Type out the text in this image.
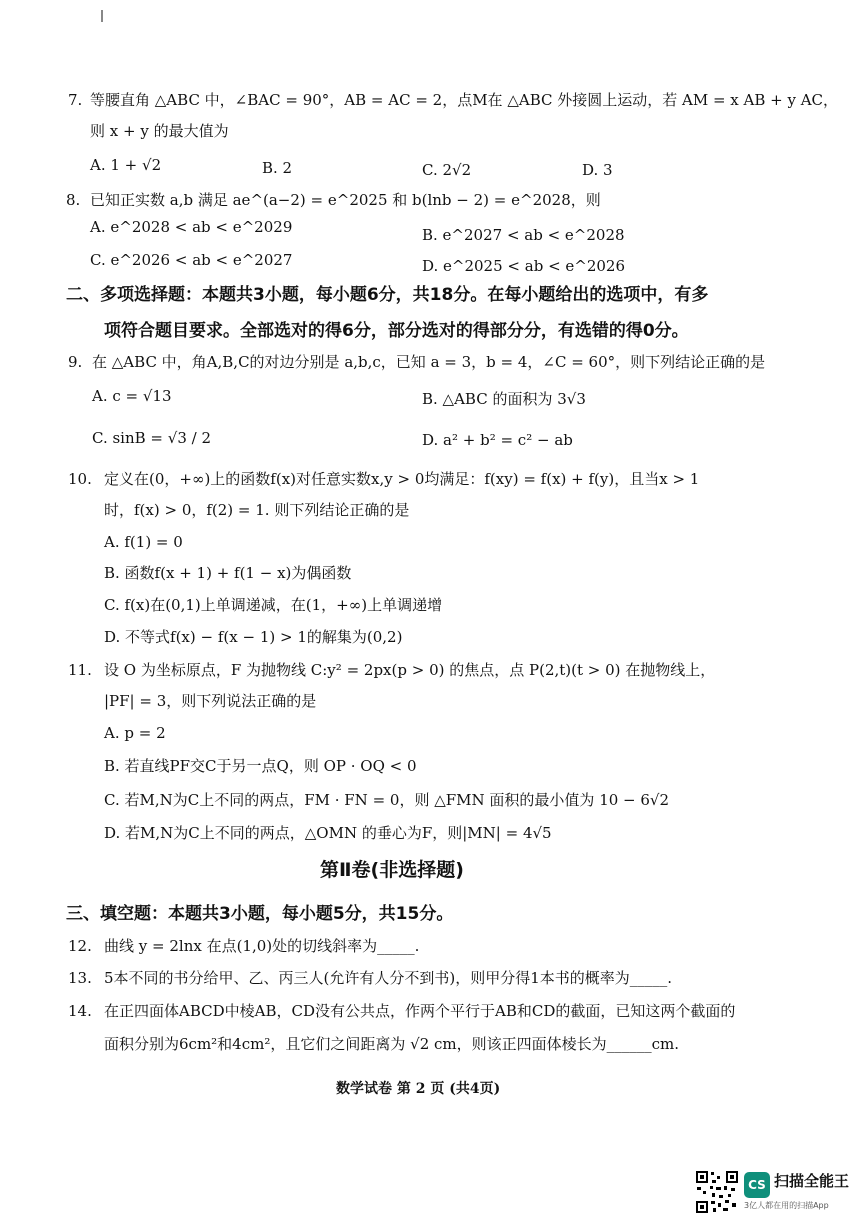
7. 等腰直角 △ABC 中，∠BAC = 90°，AB = AC = 2，点M在 △ABC 外接圆上运动，若 AM = x AB + y AC，
则 x + y 的最大值为
A. 1 + √2	B. 2	C. 2√2	D. 3
8. 已知正实数 a,b 满足 ae^(a−2) = e^2025 和 b(lnb − 2) = e^2028，则
A. e^2028 < ab < e^2029	B. e^2027 < ab < e^2028
C. e^2026 < ab < e^2027	D. e^2025 < ab < e^2026
二、多项选择题：本题共3小题，每小题6分，共18分。在每小题给出的选项中，有多
项符合题目要求。全部选对的得6分，部分选对的得部分分，有选错的得0分。
9. 在 △ABC 中，角A,B,C的对边分别是 a,b,c，已知 a = 3，b = 4，∠C = 60°，则下列结论正确的是
A. c = √13	B. △ABC 的面积为 3√3
C. sinB = √3 / 2	D. a² + b² = c² − ab
10. 定义在(0，+∞)上的函数f(x)对任意实数x,y > 0均满足：f(xy) = f(x) + f(y)，且当x > 1
时，f(x) > 0，f(2) = 1. 则下列结论正确的是
A. f(1) = 0
B. 函数f(x + 1) + f(1 − x)为偶函数
C. f(x)在(0,1)上单调递减，在(1，+∞)上单调递增
D. 不等式f(x) − f(x − 1) > 1的解集为(0,2)
11. 设 O 为坐标原点，F 为抛物线 C:y² = 2px(p > 0) 的焦点，点 P(2,t)(t > 0) 在抛物线上，
|PF| = 3，则下列说法正确的是
A. p = 2
B. 若直线PF交C于另一点Q，则 OP · OQ < 0
C. 若M,N为C上不同的两点，FM · FN = 0，则 △FMN 面积的最小值为 10 − 6√2
D. 若M,N为C上不同的两点，△OMN 的垂心为F，则|MN| = 4√5
第Ⅱ卷(非选择题)
三、填空题：本题共3小题，每小题5分，共15分。
12. 曲线 y = 2lnx 在点(1,0)处的切线斜率为_____.
13. 5本不同的书分给甲、乙、丙三人(允许有人分不到书)，则甲分得1本书的概率为_____.
14. 在正四面体ABCD中棱AB，CD没有公共点，作两个平行于AB和CD的截面，已知这两个截面的
面积分别为6cm²和4cm²，且它们之间距离为 √2 cm，则该正四面体棱长为______cm.
数学试卷 第 2 页 (共4页)
CS 扫描全能王
3亿人都在用的扫描App
